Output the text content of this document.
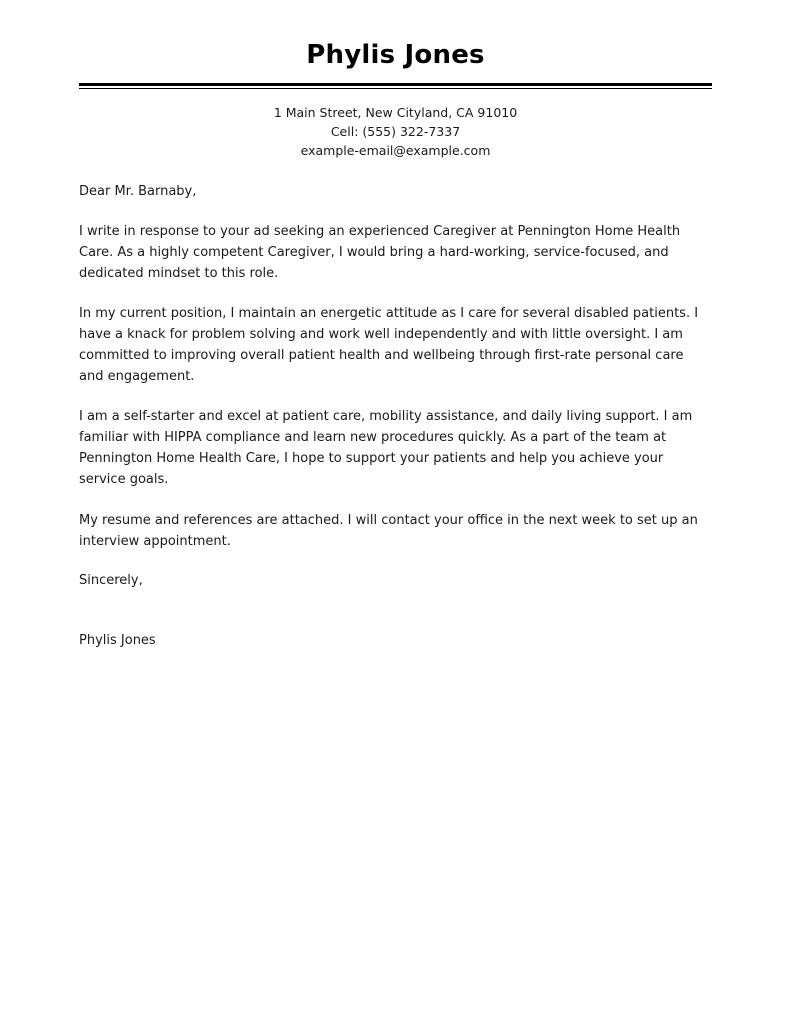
Phylis Jones
1 Main Street, New Cityland, CA 91010
Cell: (555) 322-7337
example-email@example.com
Dear Mr. Barnaby,

I write in response to your ad seeking an experienced Caregiver at Pennington Home Health Care. As a highly competent Caregiver, I would bring a hard-working, service-focused, and dedicated mindset to this role.

In my current position, I maintain an energetic attitude as I care for several disabled patients. I have a knack for problem solving and work well independently and with little oversight. I am committed to improving overall patient health and wellbeing through first-rate personal care and engagement.

I am a self-starter and excel at patient care, mobility assistance, and daily living support. I am familiar with HIPPA compliance and learn new procedures quickly. As a part of the team at Pennington Home Health Care, I hope to support your patients and help you achieve your service goals.

My resume and references are attached. I will contact your office in the next week to set up an interview appointment.

Sincerely,
Phylis Jones
